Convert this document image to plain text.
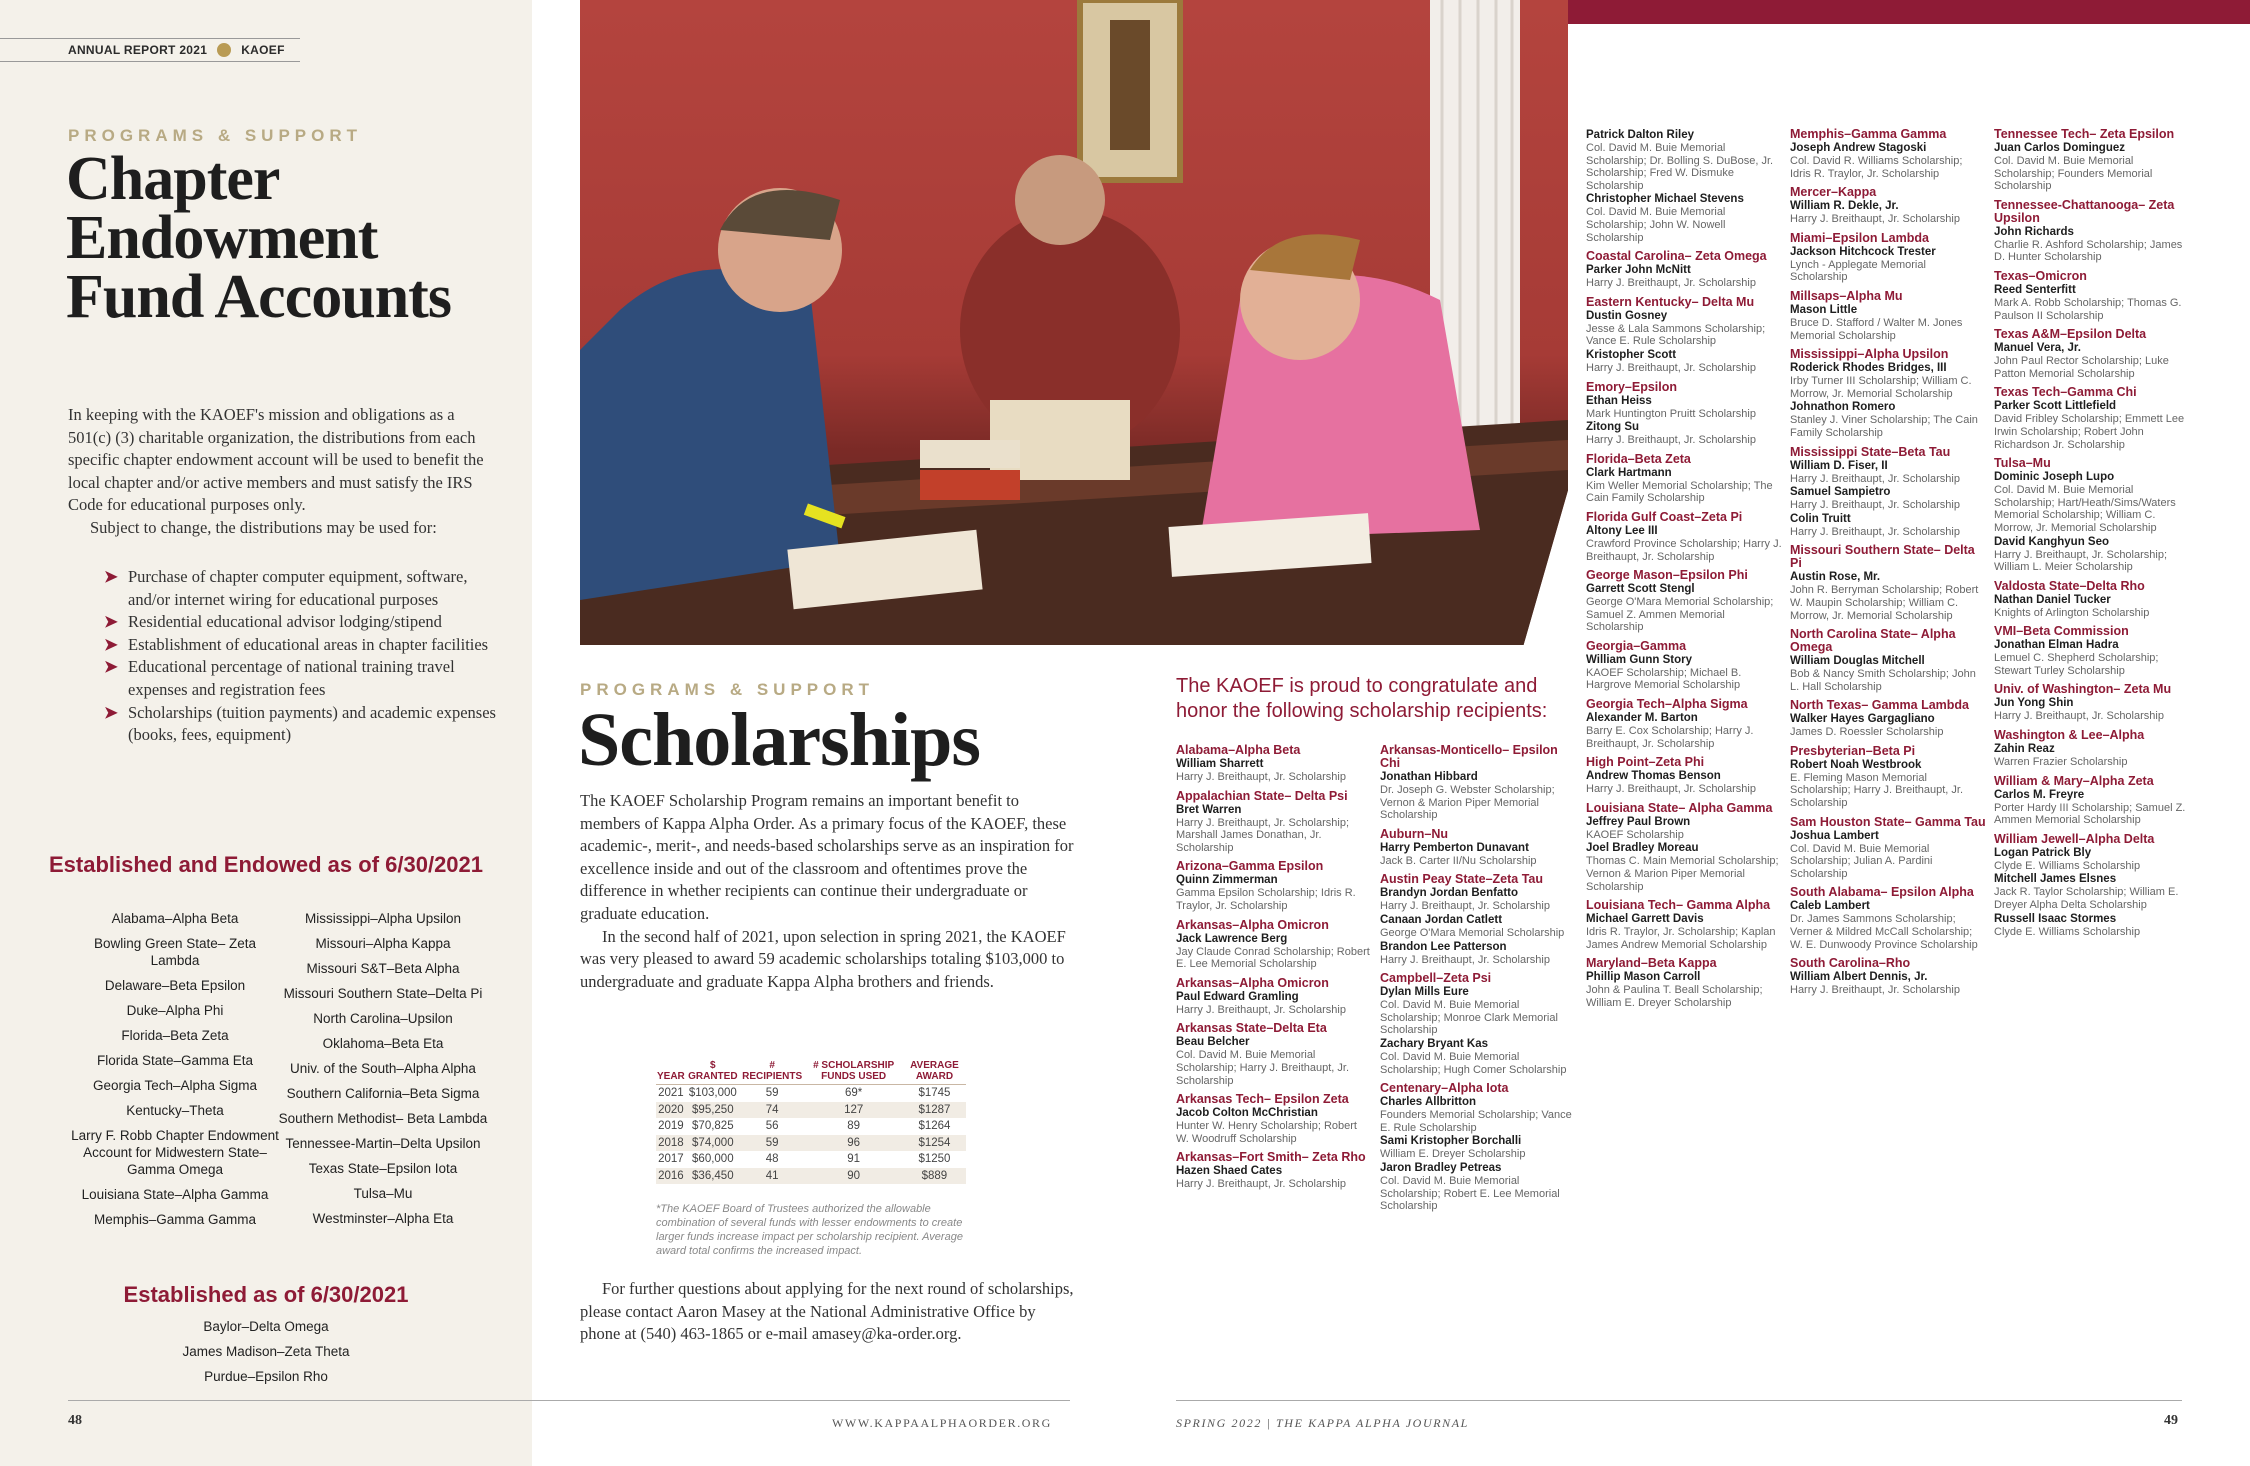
ANNUAL REPORT 2021	KAOEF
PROGRAMS & SUPPORT
Chapter Endowment Fund Accounts

In keeping with the KAOEF's mission and obligations as a 501(c) (3) charitable organization, the distributions from each specific chapter endowment account will be used to benefit the local chapter and/or active members and must satisfy the IRS Code for educational purposes only.

Subject to change, the distributions may be used for:

➤ Purchase of chapter computer equipment, software, and/or internet wiring for educational purposes
➤ Residential educational advisor lodging/stipend
➤ Establishment of educational areas in chapter facilities
➤ Educational percentage of national training travel expenses and registration fees
➤ Scholarships (tuition payments) and academic expenses (books, fees, equipment)
Established and Endowed as of 6/30/2021
Alabama–Alpha Beta
Bowling Green State– Zeta Lambda
Delaware–Beta Epsilon
Duke–Alpha Phi
Florida–Beta Zeta
Florida State–Gamma Eta
Georgia Tech–Alpha Sigma
Kentucky–Theta
Larry F. Robb Chapter Endowment Account for Midwestern State– Gamma Omega
Louisiana State–Alpha Gamma
Memphis–Gamma Gamma
Mississippi–Alpha Upsilon
Missouri–Alpha Kappa
Missouri S&T–Beta Alpha
Missouri Southern State–Delta Pi
North Carolina–Upsilon
Oklahoma–Beta Eta
Univ. of the South–Alpha Alpha
Southern California–Beta Sigma
Southern Methodist– Beta Lambda
Tennessee-Martin–Delta Upsilon
Texas State–Epsilon Iota
Tulsa–Mu
Westminster–Alpha Eta
Established as of 6/30/2021
Baylor–Delta Omega
James Madison–Zeta Theta
Purdue–Epsilon Rho
48	WWW.KAPPAALPHAORDER.ORG
PROGRAMS & SUPPORT
Scholarships

The KAOEF Scholarship Program remains an important benefit to members of Kappa Alpha Order. As a primary focus of the KAOEF, these academic-, merit-, and needs-based scholarships serve as an inspiration for excellence inside and out of the classroom and oftentimes prove the difference in whether recipients can continue their undergraduate or graduate education.

In the second half of 2021, upon selection in spring 2021, the KAOEF was very pleased to award 59 academic scholarships totaling $103,000 to undergraduate and graduate Kappa Alpha brothers and friends.

YEAR	$ GRANTED	# RECIPIENTS	# SCHOLARSHIP FUNDS USED	AVERAGE AWARD
2021	$103,000	59	69*	$1745
2020	$95,250	74	127	$1287
2019	$70,825	56	89	$1264
2018	$74,000	59	96	$1254
2017	$60,000	48	91	$1250
2016	$36,450	41	90	$889
*The KAOEF Board of Trustees authorized the allowable combination of several funds with lesser endowments to create larger funds increase impact per scholarship recipient. Average award total confirms the increased impact.

For further questions about applying for the next round of scholarships, please contact Aaron Masey at the National Administrative Office by phone at (540) 463-1865 or e-mail amasey@ka-order.org.

The KAOEF is proud to congratulate and honor the following scholarship recipients:
Alabama–Alpha Beta
William Sharrett
Harry J. Breithaupt, Jr. Scholarship
Appalachian State– Delta Psi
Bret Warren
Harry J. Breithaupt, Jr. Scholarship; Marshall James Donathan, Jr. Scholarship
Arizona–Gamma Epsilon
Quinn Zimmerman
Gamma Epsilon Scholarship; Idris R. Traylor, Jr. Scholarship
Arkansas–Alpha Omicron
Jack Lawrence Berg
Jay Claude Conrad Scholarship; Robert E. Lee Memorial Scholarship
Arkansas–Alpha Omicron
Paul Edward Gramling
Harry J. Breithaupt, Jr. Scholarship
Arkansas State–Delta Eta
Beau Belcher
Col. David M. Buie Memorial Scholarship; Harry J. Breithaupt, Jr. Scholarship
Arkansas Tech– Epsilon Zeta
Jacob Colton McChristian
Hunter W. Henry Scholarship; Robert W. Woodruff Scholarship
Arkansas–Fort Smith– Zeta Rho
Hazen Shaed Cates
Harry J. Breithaupt, Jr. Scholarship
Arkansas-Monticello– Epsilon Chi
Jonathan Hibbard
Dr. Joseph G. Webster Scholarship; Vernon & Marion Piper Memorial Scholarship
Auburn–Nu
Harry Pemberton Dunavant
Jack B. Carter II/Nu Scholarship
Austin Peay State–Zeta Tau
Brandyn Jordan Benfatto
Harry J. Breithaupt, Jr. Scholarship
Canaan Jordan Catlett
George O'Mara Memorial Scholarship
Brandon Lee Patterson
Harry J. Breithaupt, Jr. Scholarship
Campbell–Zeta Psi
Dylan Mills Eure
Col. David M. Buie Memorial Scholarship; Monroe Clark Memorial Scholarship
Zachary Bryant Kas
Col. David M. Buie Memorial Scholarship; Hugh Comer Scholarship
Centenary–Alpha Iota
Charles Allbritton
Founders Memorial Scholarship; Vance E. Rule Scholarship
Sami Kristopher Borchalli
William E. Dreyer Scholarship
Jaron Bradley Petreas
Col. David M. Buie Memorial Scholarship; Robert E. Lee Memorial Scholarship
Patrick Dalton Riley
Col. David M. Buie Memorial Scholarship; Dr. Bolling S. DuBose, Jr. Scholarship; Fred W. Dismuke Scholarship
Christopher Michael Stevens
Col. David M. Buie Memorial Scholarship; John W. Nowell Scholarship
Coastal Carolina– Zeta Omega
Parker John McNitt
Harry J. Breithaupt, Jr. Scholarship
Eastern Kentucky– Delta Mu
Dustin Gosney
Jesse & Lala Sammons Scholarship; Vance E. Rule Scholarship
Kristopher Scott
Harry J. Breithaupt, Jr. Scholarship
Emory–Epsilon
Ethan Heiss
Mark Huntington Pruitt Scholarship
Zitong Su
Harry J. Breithaupt, Jr. Scholarship
Florida–Beta Zeta
Clark Hartmann
Kim Weller Memorial Scholarship; The Cain Family Scholarship
Florida Gulf Coast–Zeta Pi
Altony Lee III
Crawford Province Scholarship; Harry J. Breithaupt, Jr. Scholarship
George Mason–Epsilon Phi
Garrett Scott Stengl
George O'Mara Memorial Scholarship; Samuel Z. Ammen Memorial Scholarship
Georgia–Gamma
William Gunn Story
KAOEF Scholarship; Michael B. Hargrove Memorial Scholarship
Georgia Tech–Alpha Sigma
Alexander M. Barton
Barry E. Cox Scholarship; Harry J. Breithaupt, Jr. Scholarship
High Point–Zeta Phi
Andrew Thomas Benson
Harry J. Breithaupt, Jr. Scholarship
Louisiana State– Alpha Gamma
Jeffrey Paul Brown
KAOEF Scholarship
Joel Bradley Moreau
Thomas C. Main Memorial Scholarship; Vernon & Marion Piper Memorial Scholarship
Louisiana Tech– Gamma Alpha
Michael Garrett Davis
Idris R. Traylor, Jr. Scholarship; Kaplan James Andrew Memorial Scholarship
Maryland–Beta Kappa
Phillip Mason Carroll
John & Paulina T. Beall Scholarship; William E. Dreyer Scholarship
Memphis–Gamma Gamma
Joseph Andrew Stagoski
Col. David R. Williams Scholarship; Idris R. Traylor, Jr. Scholarship
Mercer–Kappa
William R. Dekle, Jr.
Harry J. Breithaupt, Jr. Scholarship
Miami–Epsilon Lambda
Jackson Hitchcock Trester
Lynch - Applegate Memorial Scholarship
Millsaps–Alpha Mu
Mason Little
Bruce D. Stafford / Walter M. Jones Memorial Scholarship
Mississippi–Alpha Upsilon
Roderick Rhodes Bridges, III
Irby Turner III Scholarship; William C. Morrow, Jr. Memorial Scholarship
Johnathon Romero
Stanley J. Viner Scholarship; The Cain Family Scholarship
Mississippi State–Beta Tau
William D. Fiser, II
Harry J. Breithaupt, Jr. Scholarship
Samuel Sampietro
Harry J. Breithaupt, Jr. Scholarship
Colin Truitt
Harry J. Breithaupt, Jr. Scholarship
Missouri Southern State– Delta Pi
Austin Rose, Mr.
John R. Berryman Scholarship; Robert W. Maupin Scholarship; William C. Morrow, Jr. Memorial Scholarship
North Carolina State– Alpha Omega
William Douglas Mitchell
Bob & Nancy Smith Scholarship; John L. Hall Scholarship
North Texas– Gamma Lambda
Walker Hayes Gargagliano
James D. Roessler Scholarship
Presbyterian–Beta Pi
Robert Noah Westbrook
E. Fleming Mason Memorial Scholarship; Harry J. Breithaupt, Jr. Scholarship
Sam Houston State– Gamma Tau
Joshua Lambert
Col. David M. Buie Memorial Scholarship; Julian A. Pardini Scholarship
South Alabama– Epsilon Alpha
Caleb Lambert
Dr. James Sammons Scholarship; Verner & Mildred McCall Scholarship; W. E. Dunwoody Province Scholarship
South Carolina–Rho
William Albert Dennis, Jr.
Harry J. Breithaupt, Jr. Scholarship
Tennessee Tech– Zeta Epsilon
Juan Carlos Dominguez
Col. David M. Buie Memorial Scholarship; Founders Memorial Scholarship
Tennessee-Chattanooga– Zeta Upsilon
John Richards
Charlie R. Ashford Scholarship; James D. Hunter Scholarship
Texas–Omicron
Reed Senterfitt
Mark A. Robb Scholarship; Thomas G. Paulson II Scholarship
Texas A&M–Epsilon Delta
Manuel Vera, Jr.
John Paul Rector Scholarship; Luke Patton Memorial Scholarship
Texas Tech–Gamma Chi
Parker Scott Littlefield
David Fribley Scholarship; Emmett Lee Irwin Scholarship; Robert John Richardson Jr. Scholarship
Tulsa–Mu
Dominic Joseph Lupo
Col. David M. Buie Memorial Scholarship; Hart/Heath/Sims/Waters Memorial Scholarship; William C. Morrow, Jr. Memorial Scholarship
David Kanghyun Seo
Harry J. Breithaupt, Jr. Scholarship; William L. Meier Scholarship
Valdosta State–Delta Rho
Nathan Daniel Tucker
Knights of Arlington Scholarship
VMI–Beta Commission
Jonathan Elman Hadra
Lemuel C. Shepherd Scholarship; Stewart Turley Scholarship
Univ. of Washington– Zeta Mu
Jun Yong Shin
Harry J. Breithaupt, Jr. Scholarship
Washington & Lee–Alpha
Zahin Reaz
Warren Frazier Scholarship
William & Mary–Alpha Zeta
Carlos M. Freyre
Porter Hardy III Scholarship; Samuel Z. Ammen Memorial Scholarship
William Jewell–Alpha Delta
Logan Patrick Bly
Clyde E. Williams Scholarship
Mitchell James Elsnes
Jack R. Taylor Scholarship; William E. Dreyer Alpha Delta Scholarship
Russell Isaac Stormes
Clyde E. Williams Scholarship
SPRING 2022 | THE KAPPA ALPHA JOURNAL	49
